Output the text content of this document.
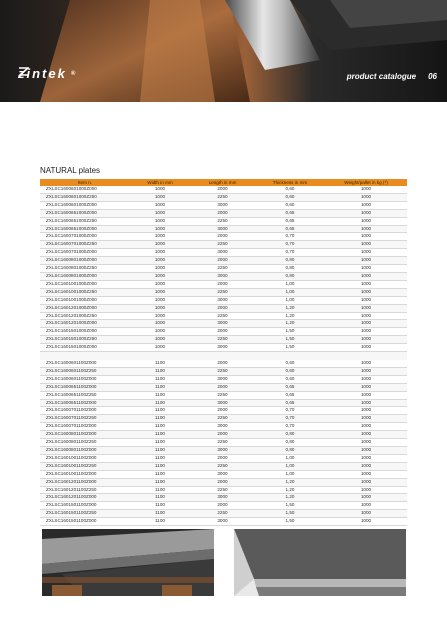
zintek ®	product catalogue 06
NATURAL plates
Item n.	Width in mm	Length in mm	Thickness in mm	Weight/pallet in kg (*)
ZXLSC1600601000Z000	1000	2000	0,60	1000
ZXLSC1600601000Z250	1000	2250	0,60	1000
ZXLSC1600601000Z000	1000	3000	0,60	1000
ZXLSC1600651000Z000	1000	2000	0,65	1000
ZXLSC1600651000Z250	1000	2250	0,65	1000
ZXLSC1600651000Z000	1000	3000	0,65	1000
ZXLSC1600701000Z000	1000	2000	0,70	1000
ZXLSC1600701000Z250	1000	2250	0,70	1000
ZXLSC1600701000Z000	1000	3000	0,70	1000
ZXLSC1600801000Z000	1000	2000	0,80	1000
ZXLSC1600801000Z250	1000	2250	0,80	1000
ZXLSC1600801000Z000	1000	3000	0,80	1000
ZXLSC1601001000Z000	1000	2000	1,00	1000
ZXLSC1601001000Z250	1000	2250	1,00	1000
ZXLSC1601001000Z000	1000	3000	1,00	1000
ZXLSC1601201000Z000	1000	2000	1,20	1000
ZXLSC1601201000Z250	1000	2250	1,20	1000
ZXLSC1601201000Z000	1000	3000	1,20	1000
ZXLSC1601501000Z000	1000	2000	1,50	1000
ZXLSC1601501000Z250	1000	2250	1,50	1000
ZXLSC1601501000Z000	1000	3000	1,50	1000

ZXLSC1600601100Z000	1100	2000	0,60	1000
ZXLSC1600601100Z250	1100	2250	0,60	1000
ZXLSC1600601100Z000	1100	3000	0,60	1000
ZXLSC1600651100Z000	1100	2000	0,65	1000
ZXLSC1600651100Z250	1100	2250	0,65	1000
ZXLSC1600651100Z000	1100	3000	0,65	1000
ZXLSC1600701100Z000	1100	2000	0,70	1000
ZXLSC1600701100Z250	1100	2250	0,70	1000
ZXLSC1600701100Z000	1100	3000	0,70	1000
ZXLSC1600801100Z000	1100	2000	0,80	1000
ZXLSC1600801100Z250	1100	2250	0,80	1000
ZXLSC1600801100Z000	1100	3000	0,80	1000
ZXLSC1601001100Z000	1100	2000	1,00	1000
ZXLSC1601001100Z250	1100	2250	1,00	1000
ZXLSC1601001100Z000	1100	3000	1,00	1000
ZXLSC1601201100Z000	1100	2000	1,20	1000
ZXLSC1601201100Z250	1100	2250	1,20	1000
ZXLSC1601201100Z000	1100	3000	1,20	1000
ZXLSC1601501100Z000	1100	2000	1,50	1000
ZXLSC1601501100Z250	1100	2250	1,50	1000
ZXLSC1601501100Z000	1100	3000	1,50	1000
